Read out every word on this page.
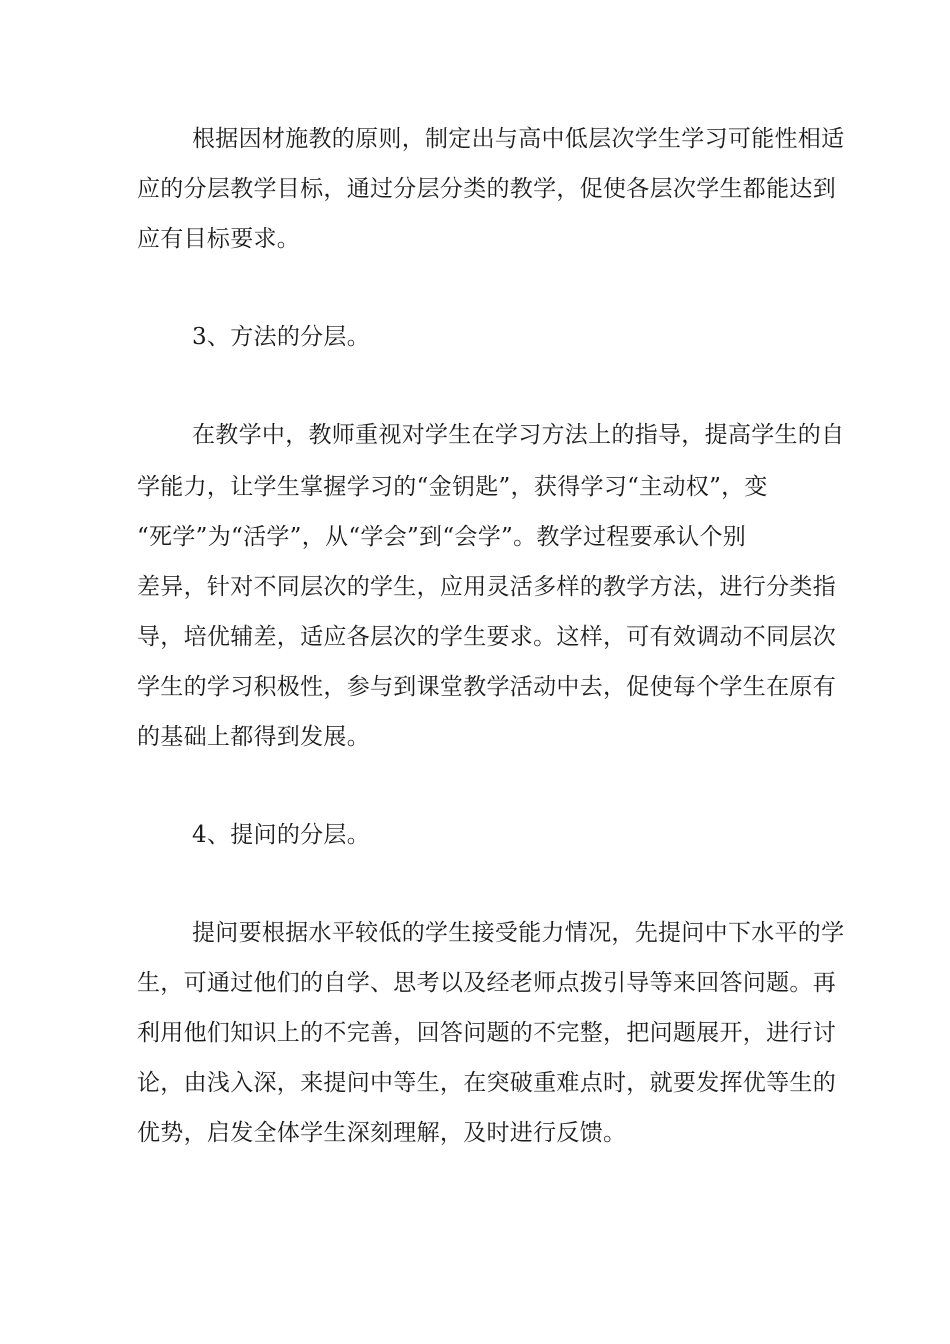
根据因材施教的原则，制定出与高中低层次学生学习可能性相适
应的分层教学目标，通过分层分类的教学，促使各层次学生都能达到
应有目标要求。
3、方法的分层。
在教学中，教师重视对学生在学习方法上的指导，提高学生的自
学能力，让学生掌握学习的“金钥匙”，获得学习“主动权”，变
“死学”为“活学”，从“学会”到“会学”。教学过程要承认个别
差异，针对不同层次的学生，应用灵活多样的教学方法，进行分类指
导，培优辅差，适应各层次的学生要求。这样，可有效调动不同层次
学生的学习积极性，参与到课堂教学活动中去，促使每个学生在原有
的基础上都得到发展。
4、提问的分层。
提问要根据水平较低的学生接受能力情况，先提问中下水平的学
生，可通过他们的自学、思考以及经老师点拨引导等来回答问题。再
利用他们知识上的不完善，回答问题的不完整，把问题展开，进行讨
论，由浅入深，来提问中等生，在突破重难点时，就要发挥优等生的
优势，启发全体学生深刻理解，及时进行反馈。
